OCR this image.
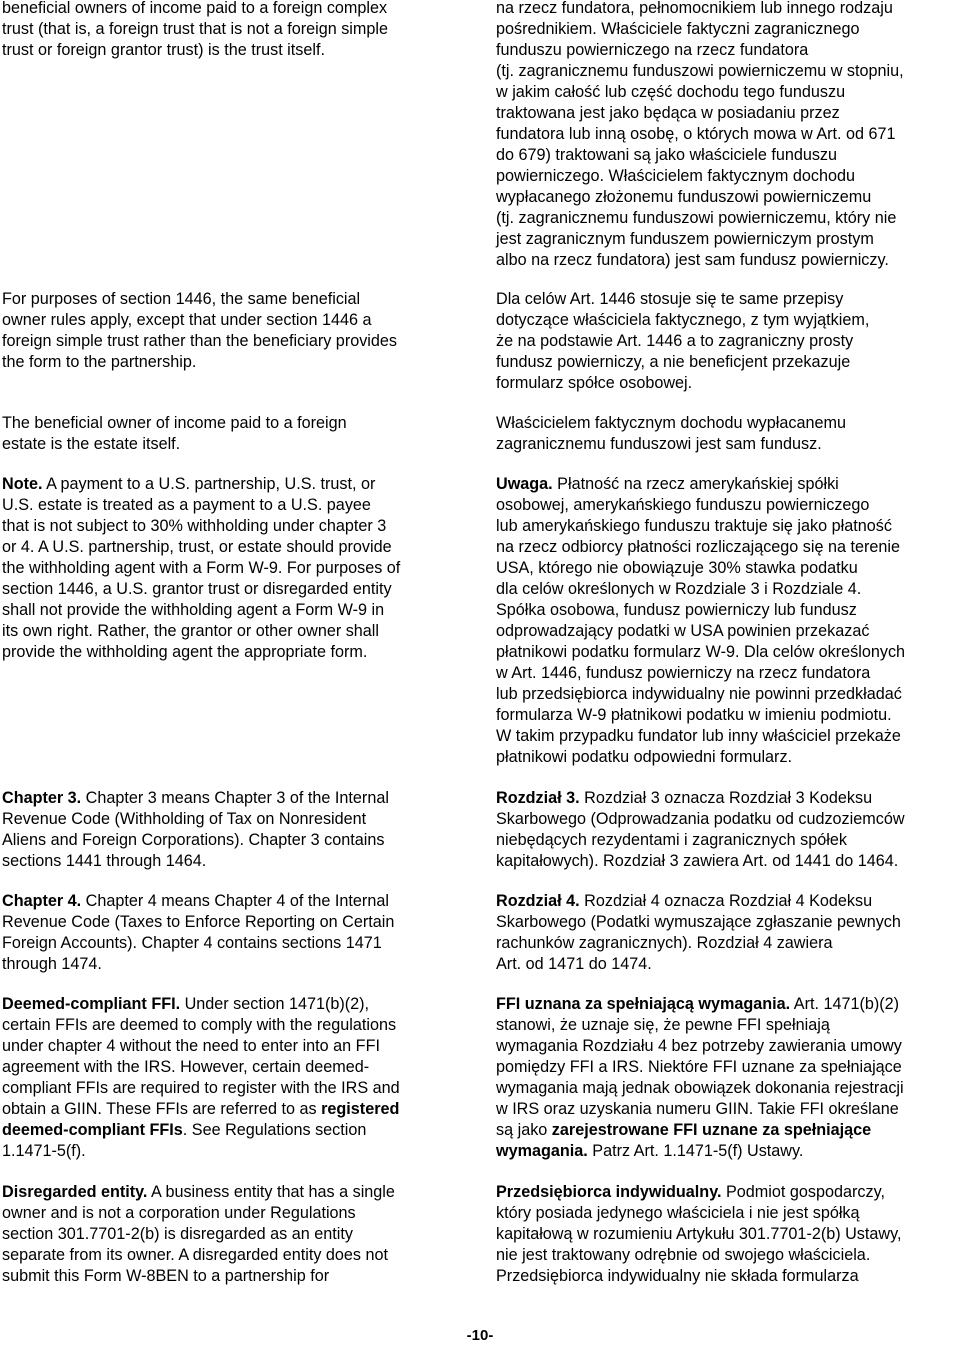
beneficial owners of income paid to a foreign complex
trust (that is, a foreign trust that is not a foreign simple
trust or foreign grantor trust) is the trust itself.
na rzecz fundatora, pełnomocnikiem lub innego rodzaju
pośrednikiem. Właściciele faktyczni zagranicznego
funduszu powierniczego na rzecz fundatora
(tj. zagranicznemu funduszowi powierniczemu w stopniu,
w jakim całość lub część dochodu tego funduszu
traktowana jest jako będąca w posiadaniu przez
fundatora lub inną osobę, o których mowa w Art. od 671
do 679) traktowani są jako właściciele funduszu
powierniczego. Właścicielem faktycznym dochodu
wypłacanego złożonemu funduszowi powierniczemu
(tj. zagranicznemu funduszowi powierniczemu, który nie
jest zagranicznym funduszem powierniczym prostym
albo na rzecz fundatora) jest sam fundusz powierniczy.
For purposes of section 1446, the same beneficial
owner rules apply, except that under section 1446 a
foreign simple trust rather than the beneficiary provides
the form to the partnership.
Dla celów Art. 1446 stosuje się te same przepisy
dotyczące właściciela faktycznego, z tym wyjątkiem,
że na podstawie Art. 1446 a to zagraniczny prosty
fundusz powierniczy, a nie beneficjent przekazuje
formularz spółce osobowej.
The beneficial owner of income paid to a foreign
estate is the estate itself.
Właścicielem faktycznym dochodu wypłacanemu
zagranicznemu funduszowi jest sam fundusz.
Note. A payment to a U.S. partnership, U.S. trust, or
U.S. estate is treated as a payment to a U.S. payee
that is not subject to 30% withholding under chapter 3
or 4. A U.S. partnership, trust, or estate should provide
the withholding agent with a Form W-9. For purposes of
section 1446, a U.S. grantor trust or disregarded entity
shall not provide the withholding agent a Form W-9 in
its own right. Rather, the grantor or other owner shall
provide the withholding agent the appropriate form.
Uwaga. Płatność na rzecz amerykańskiej spółki
osobowej, amerykańskiego funduszu powierniczego
lub amerykańskiego funduszu traktuje się jako płatność
na rzecz odbiorcy płatności rozliczającego się na terenie
USA, którego nie obowiązuje 30% stawka podatku
dla celów określonych w Rozdziale 3 i Rozdziale 4.
Spółka osobowa, fundusz powierniczy lub fundusz
odprowadzający podatki w USA powinien przekazać
płatnikowi podatku formularz W-9. Dla celów określonych
w Art. 1446, fundusz powierniczy na rzecz fundatora
lub przedsiębiorca indywidualny nie powinni przedkładać
formularza W-9 płatnikowi podatku w imieniu podmiotu.
W takim przypadku fundator lub inny właściciel przekaże
płatnikowi podatku odpowiedni formularz.
Chapter 3. Chapter 3 means Chapter 3 of the Internal
Revenue Code (Withholding of Tax on Nonresident
Aliens and Foreign Corporations). Chapter 3 contains
sections 1441 through 1464.
Rozdział 3. Rozdział 3 oznacza Rozdział 3 Kodeksu
Skarbowego (Odprowadzania podatku od cudzoziemców
niebędących rezydentami i zagranicznych spółek
kapitałowych). Rozdział 3 zawiera Art. od 1441 do 1464.
Chapter 4. Chapter 4 means Chapter 4 of the Internal
Revenue Code (Taxes to Enforce Reporting on Certain
Foreign Accounts). Chapter 4 contains sections 1471
through 1474.
Rozdział 4. Rozdział 4 oznacza Rozdział 4 Kodeksu
Skarbowego (Podatki wymuszające zgłaszanie pewnych
rachunków zagranicznych). Rozdział 4 zawiera
Art. od 1471 do 1474.
Deemed-compliant FFI. Under section 1471(b)(2),
certain FFIs are deemed to comply with the regulations
under chapter 4 without the need to enter into an FFI
agreement with the IRS. However, certain deemed-
compliant FFIs are required to register with the IRS and
obtain a GIIN. These FFIs are referred to as registered
deemed-compliant FFIs. See Regulations section
1.1471-5(f).
FFI uznana za spełniającą wymagania. Art. 1471(b)(2)
stanowi, że uznaje się, że pewne FFI spełniają
wymagania Rozdziału 4 bez potrzeby zawierania umowy
pomiędzy FFI a IRS. Niektóre FFI uznane za spełniające
wymagania mają jednak obowiązek dokonania rejestracji
w IRS oraz uzyskania numeru GIIN. Takie FFI określane
są jako zarejestrowane FFI uznane za spełniające
wymagania. Patrz Art. 1.1471-5(f) Ustawy.
Disregarded entity. A business entity that has a single
owner and is not a corporation under Regulations
section 301.7701-2(b) is disregarded as an entity
separate from its owner. A disregarded entity does not
submit this Form W-8BEN to a partnership for
Przedsiębiorca indywidualny. Podmiot gospodarczy,
który posiada jedynego właściciela i nie jest spółką
kapitałową w rozumieniu Artykułu 301.7701-2(b) Ustawy,
nie jest traktowany odrębnie od swojego właściciela.
Przedsiębiorca indywidualny nie składa formularza
-10-
